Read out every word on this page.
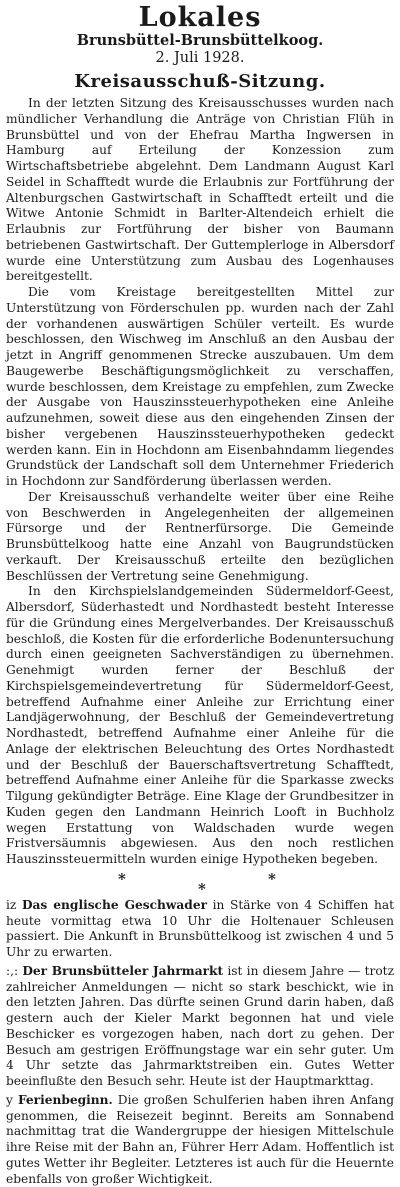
Lokales
Brunsbüttel-Brunsbüttelkoog.
2. Juli 1928.
Kreisausschuß-Sitzung.

In der letzten Sitzung des Kreisausschusses wurden nach mündlicher Verhandlung die Anträge von Christian Flüh in Brunsbüttel und von der Ehefrau Martha Ingwersen in Hamburg auf Erteilung der Konzession zum Wirtschaftsbetriebe abgelehnt. Dem Landmann August Karl Seidel in Schafftedt wurde die Erlaubnis zur Fortführung der Altenburgschen Gastwirtschaft in Schafftedt erteilt und die Witwe Antonie Schmidt in Barlter-Altendeich erhielt die Erlaubnis zur Fortführung der bisher von Baumann betriebenen Gastwirtschaft. Der Guttemplerloge in Albersdorf wurde eine Unterstützung zum Ausbau des Logenhauses bereitgestellt.

Die vom Kreistage bereitgestellten Mittel zur Unterstützung von Förderschulen pp. wurden nach der Zahl der vorhandenen auswärtigen Schüler verteilt. Es wurde beschlossen, den Wischweg im Anschluß an den Ausbau der jetzt in Angriff genommenen Strecke auszubauen. Um dem Baugewerbe Beschäftigungsmöglichkeit zu verschaffen, wurde beschlossen, dem Kreistage zu empfehlen, zum Zwecke der Ausgabe von Hauszinssteuerhypotheken eine Anleihe aufzunehmen, soweit diese aus den eingehenden Zinsen der bisher vergebenen Hauszinssteuerhypotheken gedeckt werden kann. Ein in Hochdonn am Eisenbahndamm liegendes Grundstück der Landschaft soll dem Unternehmer Friederich in Hochdonn zur Sandförderung überlassen werden.

Der Kreisausschuß verhandelte weiter über eine Reihe von Beschwerden in Angelegenheiten der allgemeinen Fürsorge und der Rentnerfürsorge. Die Gemeinde Brunsbüttelkoog hatte eine Anzahl von Baugrundstücken verkauft. Der Kreisausschuß erteilte den bezüglichen Beschlüssen der Vertretung seine Genehmigung.

In den Kirchspielslandgemeinden Südermeldorf-Geest, Albersdorf, Süderhastedt und Nordhastedt besteht Interesse für die Gründung eines Mergelverbandes. Der Kreisausschuß beschloß, die Kosten für die erforderliche Bodenuntersuchung durch einen geeigneten Sachverständigen zu übernehmen. Genehmigt wurden ferner der Beschluß der Kirchspielsgemeindevertretung für Südermeldorf-Geest, betreffend Aufnahme einer Anleihe zur Errichtung einer Landjägerwohnung, der Beschluß der Gemeindevertretung Nordhastedt, betreffend Aufnahme einer Anleihe für die Anlage der elektrischen Beleuchtung des Ortes Nordhastedt und der Beschluß der Bauerschaftsvertretung Schafftedt, betreffend Aufnahme einer Anleihe für die Sparkasse zwecks Tilgung gekündigter Beträge. Eine Klage der Grundbesitzer in Kuden gegen den Landmann Heinrich Looft in Buchholz wegen Erstattung von Waldschaden wurde wegen Fristversäumnis abgewiesen. Aus den noch restlichen Hauszinssteuermitteln wurden einige Hypotheken begeben.

*
*
*

iz Das englische Geschwader in Stärke von 4 Schiffen hat heute vormittag etwa 10 Uhr die Holtenauer Schleusen passiert. Die Ankunft in Brunsbüttelkoog ist zwischen 4 und 5 Uhr zu erwarten.

:,: Der Brunsbütteler Jahrmarkt ist in diesem Jahre — trotz zahlreicher Anmeldungen — nicht so stark beschickt, wie in den letzten Jahren. Das dürfte seinen Grund darin haben, daß gestern auch der Kieler Markt begonnen hat und viele Beschicker es vorgezogen haben, nach dort zu gehen. Der Besuch am gestrigen Eröffnungstage war ein sehr guter. Um 4 Uhr setzte das Jahrmarktstreiben ein. Gutes Wetter beeinflußte den Besuch sehr. Heute ist der Hauptmarkttag.

y Ferienbeginn. Die großen Schulferien haben ihren Anfang genommen, die Reisezeit beginnt. Bereits am Sonnabend nachmittag trat die Wandergruppe der hiesigen Mittelschule ihre Reise mit der Bahn an, Führer Herr Adam. Hoffentlich ist gutes Wetter ihr Begleiter. Letzteres ist auch für die Heuernte ebenfalls von großer Wichtigkeit.
